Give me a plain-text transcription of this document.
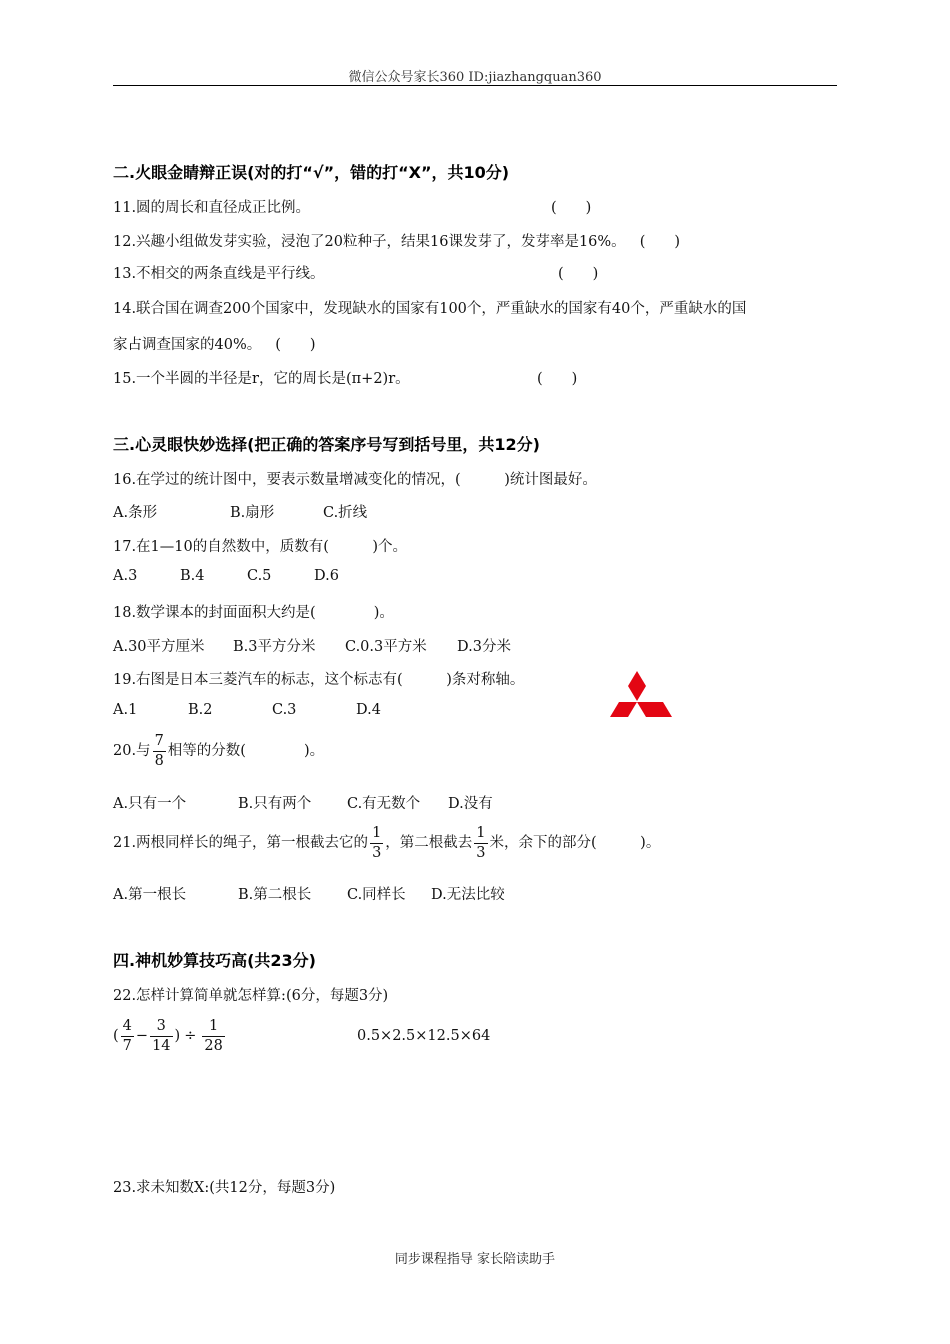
微信公众号家长360 ID:jiazhangquan360
二.火眼金睛辩正误(对的打“√”，错的打“X”，共10分)
11.圆的周长和直径成正比例。	(　　)
12.兴趣小组做发芽实验，浸泡了20粒种子，结果16课发芽了，发芽率是16%。 (　　)
13.不相交的两条直线是平行线。	(　　)
14.联合国在调查200个国家中，发现缺水的国家有100个，严重缺水的国家有40个，严重缺水的国
家占调查国家的40%。 (　　)
15.一个半圆的半径是r，它的周长是(π+2)r。	(　　)
三.心灵眼快妙选择(把正确的答案序号写到括号里，共12分)
16.在学过的统计图中，要表示数量增减变化的情况，(　　　)统计图最好。
A.条形	B.扇形	C.折线
17.在1—10的自然数中，质数有(　　　)个。
A.3	B.4	C.5	D.6
18.数学课本的封面面积大约是(　　　　)。
A.30平方厘米 B.3平方分米 C.0.3平方米 D.3分米
19.右图是日本三菱汽车的标志，这个标志有(　　　)条对称轴。
A.1	B.2	C.3	D.4
20.与 $\frac{7}{8}$ 相等的分数(　　　　)。
A.只有一个	B.只有两个 C.有无数个 D.没有
21.两根同样长的绳子，第一根截去它的 $\frac{1}{3}$ ，第二根截去 $\frac{1}{3}$ 米，余下的部分(　　　)。
A.第一根长	B.第二根长 C.同样长 D.无法比较
四.神机妙算技巧高(共23分)
22.怎样计算简单就怎样算:(6分，每题3分)
( $\frac{4}{7} - \frac{3}{14}$ ) ÷ $\frac{1}{28}$	0.5×2.5×12.5×64
23.求未知数X:(共12分，每题3分)
同步课程指导 家长陪读助手
